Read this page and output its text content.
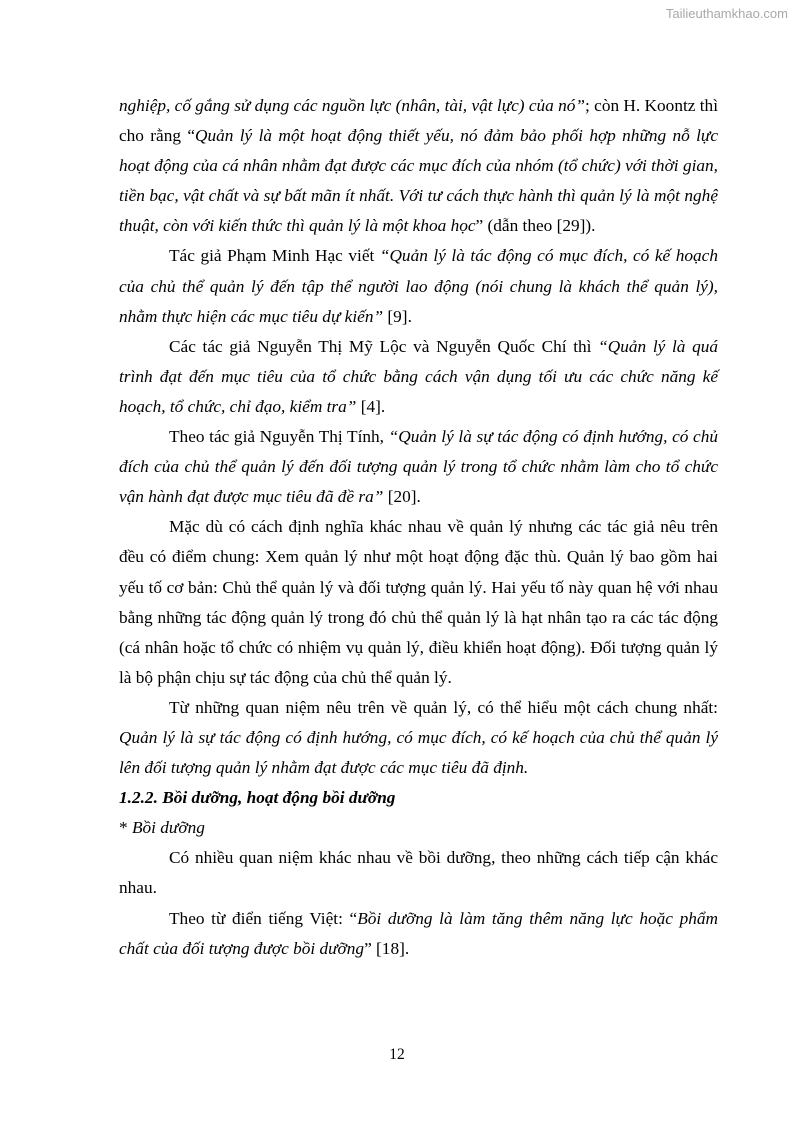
Tailieuthamkhao.com

nghiệp, cố gắng sử dụng các nguồn lực (nhân, tài, vật lực) của nó”; còn H. Koontz thì cho rằng “Quản lý là một hoạt động thiết yếu, nó đảm bảo phối hợp những nỗ lực hoạt động của cá nhân nhằm đạt được các mục đích của nhóm (tổ chức) với thời gian, tiền bạc, vật chất và sự bất mãn ít nhất. Với tư cách thực hành thì quản lý là một nghệ thuật, còn với kiến thức thì quản lý là một khoa học” (dẫn theo [29]).

Tác giả Phạm Minh Hạc viết “Quản lý là tác động có mục đích, có kế hoạch của chủ thể quản lý đến tập thể người lao động (nói chung là khách thể quản lý), nhằm thực hiện các mục tiêu dự kiến” [9].

Các tác giả Nguyễn Thị Mỹ Lộc và Nguyễn Quốc Chí thì “Quản lý là quá trình đạt đến mục tiêu của tổ chức bằng cách vận dụng tối ưu các chức năng kế hoạch, tổ chức, chỉ đạo, kiểm tra” [4].

Theo tác giả Nguyễn Thị Tính, “Quản lý là sự tác động có định hướng, có chủ đích của chủ thể quản lý đến đối tượng quản lý trong tổ chức nhằm làm cho tổ chức vận hành đạt được mục tiêu đã đề ra” [20].

Mặc dù có cách định nghĩa khác nhau về quản lý nhưng các tác giả nêu trên đều có điểm chung: Xem quản lý như một hoạt động đặc thù. Quản lý bao gồm hai yếu tố cơ bản: Chủ thể quản lý và đối tượng quản lý. Hai yếu tố này quan hệ với nhau bằng những tác động quản lý trong đó chủ thể quản lý là hạt nhân tạo ra các tác động (cá nhân hoặc tổ chức có nhiệm vụ quản lý, điều khiển hoạt động). Đối tượng quản lý là bộ phận chịu sự tác động của chủ thể quản lý.

Từ những quan niệm nêu trên về quản lý, có thể hiểu một cách chung nhất: Quản lý là sự tác động có định hướng, có mục đích, có kế hoạch của chủ thể quản lý lên đối tượng quản lý nhằm đạt được các mục tiêu đã định.

1.2.2. Bồi dưỡng, hoạt động bồi dưỡng

* Bồi dưỡng

Có nhiều quan niệm khác nhau về bồi dưỡng, theo những cách tiếp cận khác nhau.

Theo từ điển tiếng Việt: “Bồi dưỡng là làm tăng thêm năng lực hoặc phẩm chất của đối tượng được bồi dưỡng” [18].

12
